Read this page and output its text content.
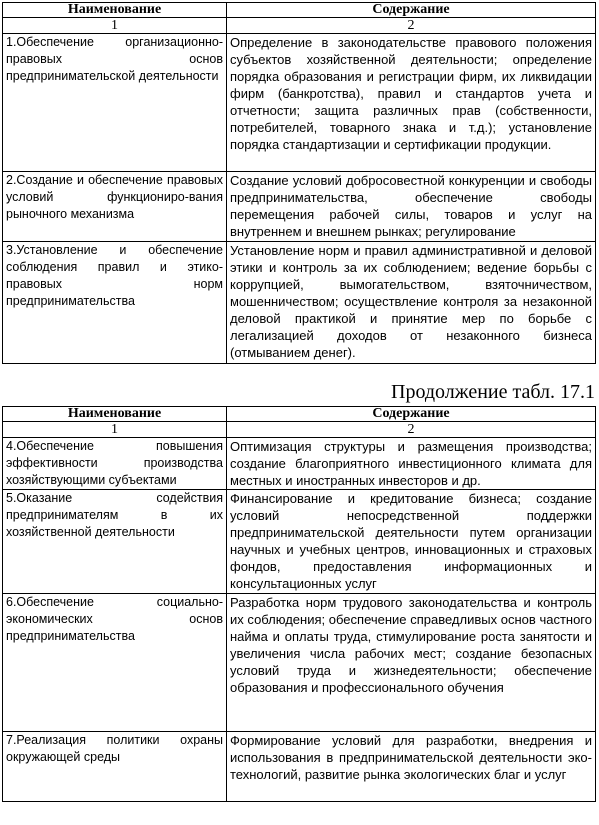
Наименование	Содержание
1	2
1.Обеспечение организационно-правовых основ предпринимательской деятельности	Определение в законодательстве правового положения субъектов хозяйственной деятельности; определение порядка образования и регистрации фирм, их ликвидации фирм (банкротства), правил и стандартов учета и отчетности; защита различных прав (собственности, потребителей, товарного знака и т.д.); установление порядка стандартизации и сертификации продукции.
2.Создание и обеспечение правовых условий функциониро-вания рыночного механизма	Создание условий добросовестной конкуренции и свободы предпринимательства, обеспечение свободы перемещения рабочей силы, товаров и услуг на внутреннем и внешнем рынках; регулирование
3.Установление и обеспечение соблюдения правил и этико-правовых норм предпринимательства	Установление норм и правил административной и деловой этики и контроль за их соблюдением; ведение борьбы с коррупцией, вымогательством, взяточничеством, мошенничеством; осуществление контроля за незаконной деловой практикой и принятие мер по борьбе с легализацией доходов от незаконного бизнеса (отмыванием денег).
Продолжение табл. 17.1
Наименование	Содержание
1	2
4.Обеспечение повышения эффективности производства хозяйствующими субъектами	Оптимизация структуры и размещения производства; создание благоприятного инвестиционного климата для местных и иностранных инвесторов и др.
5.Оказание содействия предпринимателям в их хозяйственной деятельности	Финансирование и кредитование бизнеса; создание условий непосредственной поддержки предпринимательской деятельности путем организации научных и учебных центров, инновационных и страховых фондов, предоставления информационных и консультационных услуг
6.Обеспечение социально-экономических основ предпринимательства	Разработка норм трудового законодательства и контроль их соблюдения; обеспечение справедливых основ частного найма и оплаты труда, стимулирование роста занятости и увеличения числа рабочих мест; создание безопасных условий труда и жизнедеятельности; обеспечение образования и профессионального обучения
7.Реализация политики охраны окружающей среды	Формирование условий для разработки, внедрения и использования в предпринимательской деятельности эко-технологий, развитие рынка экологических благ и услуг
